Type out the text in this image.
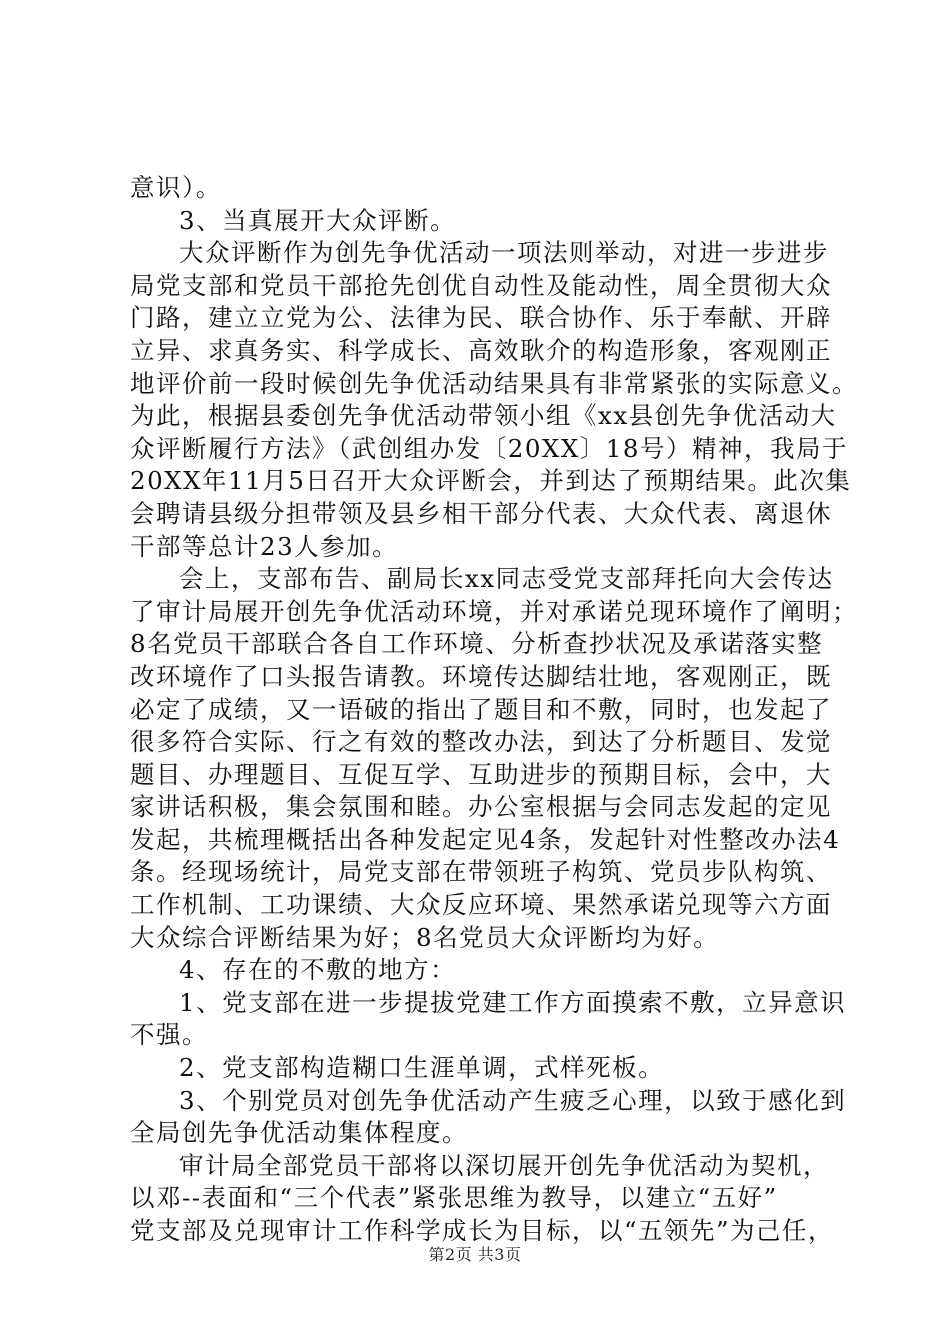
意识）。
3、当真展开大众评断。
大众评断作为创先争优活动一项法则举动，对进一步进步
局党支部和党员干部抢先创优自动性及能动性，周全贯彻大众
门路，建立立党为公、法律为民、联合协作、乐于奉献、开辟
立异、求真务实、科学成长、高效耿介的构造形象，客观刚正
地评价前一段时候创先争优活动结果具有非常紧张的实际意义。
为此，根据县委创先争优活动带领小组《xx县创先争优活动大
众评断履行方法》（武创组办发〔20XX〕18号）精神，我局于
20XX年11月5日召开大众评断会，并到达了预期结果。此次集
会聘请县级分担带领及县乡相干部分代表、大众代表、离退休
干部等总计23人参加。
会上，支部布告、副局长xx同志受党支部拜托向大会传达
了审计局展开创先争优活动环境，并对承诺兑现环境作了阐明；
8名党员干部联合各自工作环境、分析查抄状况及承诺落实整
改环境作了口头报告请教。环境传达脚结壮地，客观刚正，既
必定了成绩，又一语破的指出了题目和不敷，同时，也发起了
很多符合实际、行之有效的整改办法，到达了分析题目、发觉
题目、办理题目、互促互学、互助进步的预期目标，会中，大
家讲话积极，集会氛围和睦。办公室根据与会同志发起的定见
发起，共梳理概括出各种发起定见4条，发起针对性整改办法4
条。经现场统计，局党支部在带领班子构筑、党员步队构筑、
工作机制、工功课绩、大众反应环境、果然承诺兑现等六方面
大众综合评断结果为好；8名党员大众评断均为好。
4、存在的不敷的地方：
1、党支部在进一步提拔党建工作方面摸索不敷，立异意识
不强。
2、党支部构造糊口生涯单调，式样死板。
3、个别党员对创先争优活动产生疲乏心理，以致于感化到
全局创先争优活动集体程度。
审计局全部党员干部将以深切展开创先争优活动为契机，
以邓--表面和“三个代表”紧张思维为教导，以建立“五好”
党支部及兑现审计工作科学成长为目标，以“五领先”为己任，
第2页 共3页
